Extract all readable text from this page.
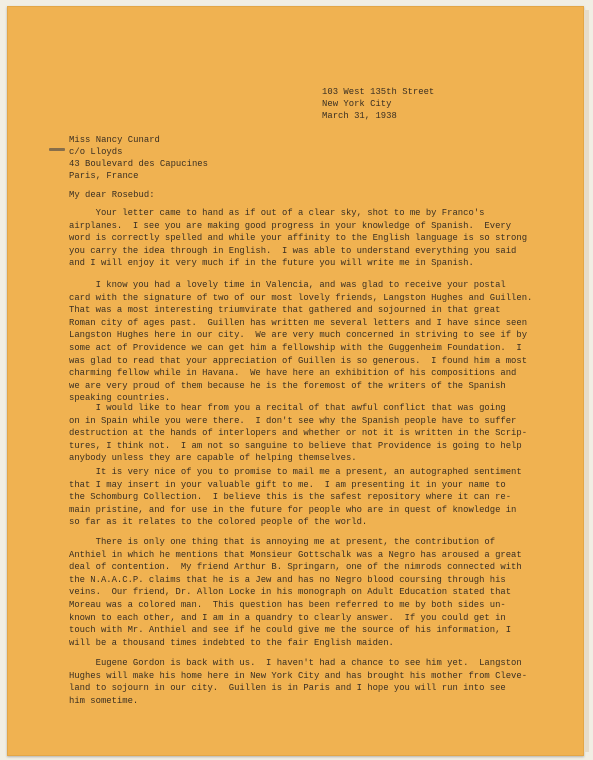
103 West 135th Street

New York City

March 31, 1938

Miss Nancy Cunard

c/o Lloyds

43 Boulevard des Capucines

Paris, France

My dear Rosebud:

Your letter came to hand as if out of a clear sky, shot to me by Franco's
airplanes.  I see you are making good progress in your knowledge of Spanish.  Every
word is correctly spelled and while your affinity to the English language is so strong
you carry the idea through in English.  I was able to understand everything you said
and I will enjoy it very much if in the future you will write me in Spanish.
I know you had a lovely time in Valencia, and was glad to receive your postal
card with the signature of two of our most lovely friends, Langston Hughes and Guillen.
That was a most interesting triumvirate that gathered and sojourned in that great
Roman city of ages past.  Guillen has written me several letters and I have since seen
Langston Hughes here in our city.  We are very much concerned in striving to see if by
some act of Providence we can get him a fellowship with the Guggenheim Foundation.  I
was glad to read that your appreciation of Guillen is so generous.  I found him a most
charming fellow while in Havana.  We have here an exhibition of his compositions and
we are very proud of them because he is the foremost of the writers of the Spanish
speaking countries.
I would like to hear from you a recital of that awful conflict that was going
on in Spain while you were there.  I don't see why the Spanish people have to suffer
destruction at the hands of interlopers and whether or not it is written in the Scrip-
tures, I think not.  I am not so sanguine to believe that Providence is going to help
anybody unless they are capable of helping themselves.
It is very nice of you to promise to mail me a present, an autographed sentiment
that I may insert in your valuable gift to me.  I am presenting it in your name to
the Schomburg Collection.  I believe this is the safest repository where it can re-
main pristine, and for use in the future for people who are in quest of knowledge in
so far as it relates to the colored people of the world.
There is only one thing that is annoying me at present, the contribution of
Anthiel in which he mentions that Monsieur Gottschalk was a Negro has aroused a great
deal of contention.  My friend Arthur B. Springarn, one of the nimrods connected with
the N.A.A.C.P. claims that he is a Jew and has no Negro blood coursing through his
veins.  Our friend, Dr. Allon Locke in his monograph on Adult Education stated that
Moreau was a colored man.  This question has been referred to me by both sides un-
known to each other, and I am in a quandry to clearly answer.  If you could get in
touch with Mr. Anthiel and see if he could give me the source of his information, I
will be a thousand times indebted to the fair English maiden.
Eugene Gordon is back with us.  I haven't had a chance to see him yet.  Langston
Hughes will make his home here in New York City and has brought his mother from Cleve-
land to sojourn in our city.  Guillen is in Paris and I hope you will run into see
him sometime.
